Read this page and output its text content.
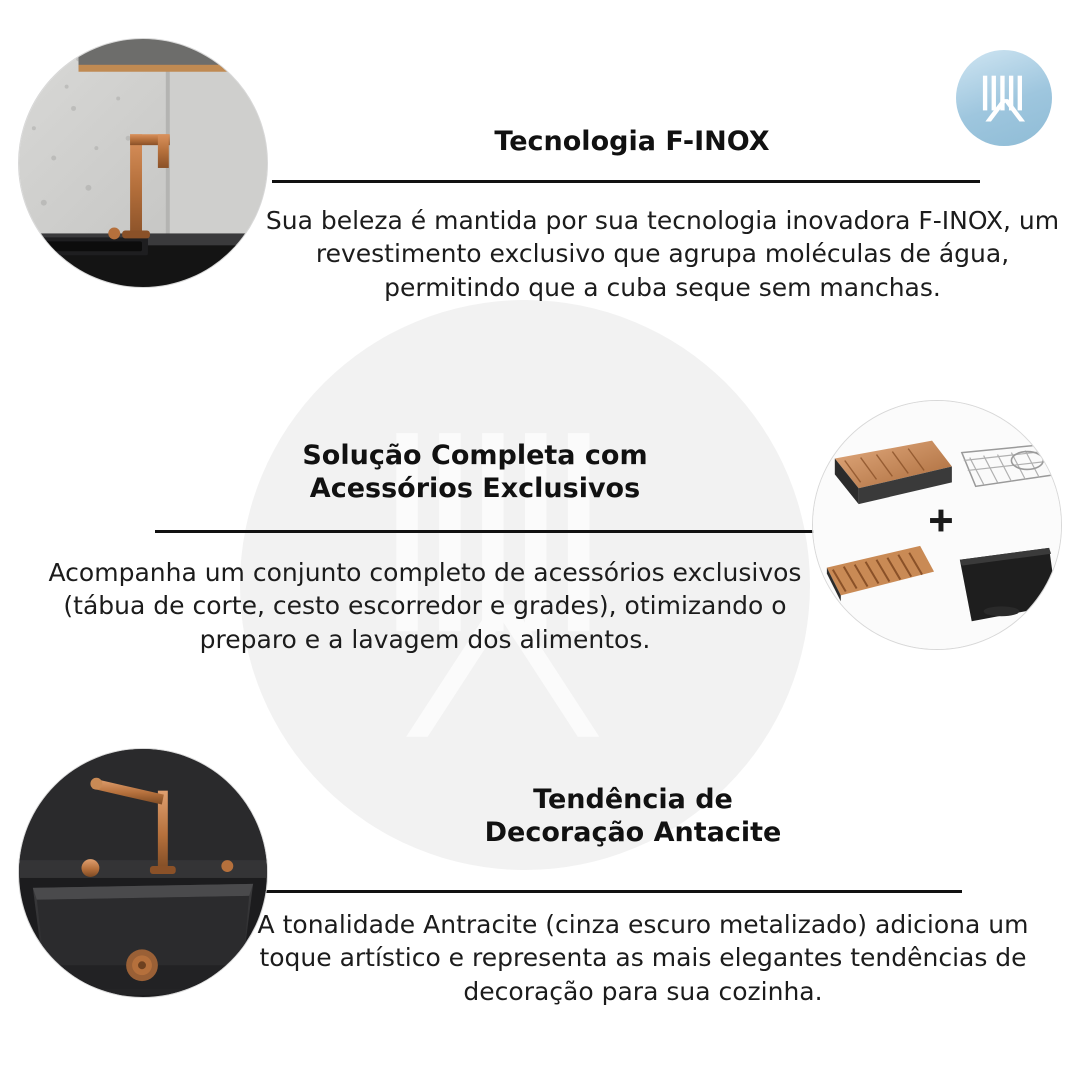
Tecnologia F-INOX
Sua beleza é mantida por sua tecnologia inovadora F-INOX, um revestimento exclusivo que agrupa moléculas de água, permitindo que a cuba seque sem manchas.
Solução Completa com
Acessórios Exclusivos
Acompanha um conjunto completo de acessórios exclusivos (tábua de corte, cesto escorredor e grades), otimizando o preparo e a lavagem dos alimentos.
Tendência de
Decoração Antacite
A tonalidade Antracite (cinza escuro metalizado) adiciona um toque artístico e representa as mais elegantes tendências de decoração para sua cozinha.
